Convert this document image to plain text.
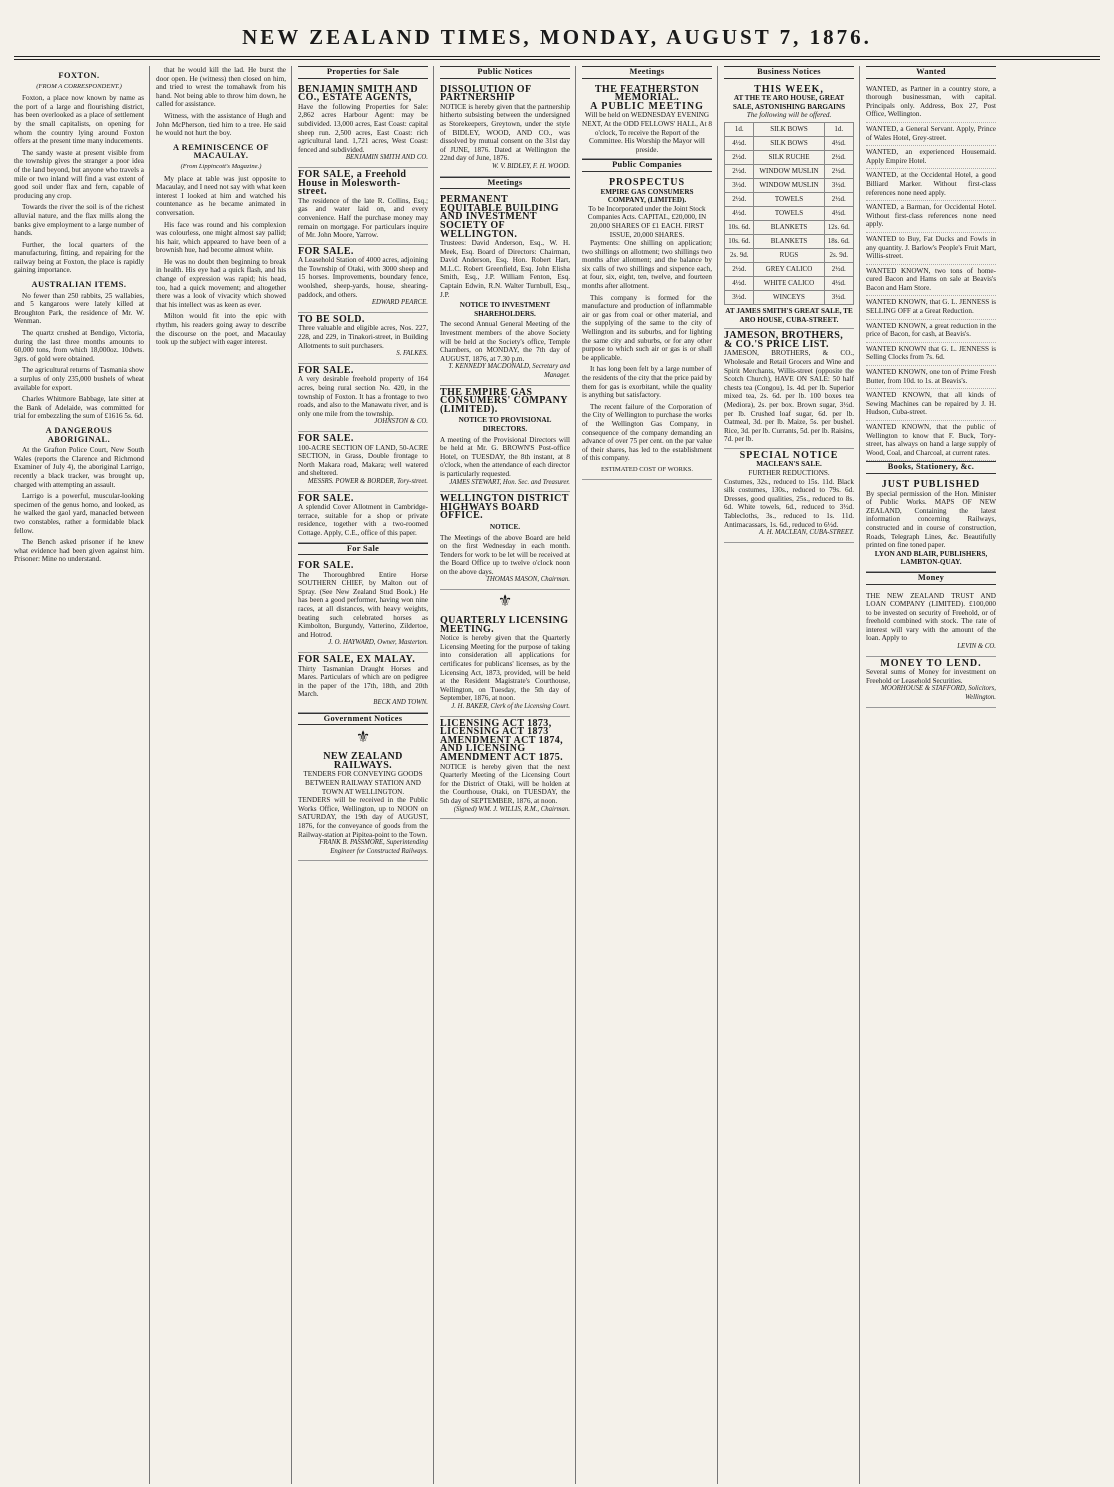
NEW ZEALAND TIMES, MONDAY, AUGUST 7, 1876.
FOXTON.
(FROM A CORRESPONDENT.)

Foxton, a place now known by name as the port of a large and flourishing district, has been overlooked as a place of settlement by the small capitalists, on opening for whom the country lying around Foxton offers at the present time many inducements.

The sandy waste at present visible from the township gives the stranger a poor idea of the land beyond, but anyone who travels a mile or two inland will find a vast extent of good soil under flax and fern, capable of producing any crop.

Towards the river the soil is of the richest alluvial nature, and the flax mills along the banks give employment to a large number of hands.

Further, the local quarters of the manufacturing, fitting, and repairing for the railway being at Foxton, the place is rapidly gaining importance.

AUSTRALIAN ITEMS.

No fewer than 250 rabbits, 25 wallabies, and 5 kangaroos were lately killed at Broughton Park, the residence of Mr. W. Wenman.

The quartz crushed at Bendigo, Victoria, during the last three months amounts to 60,000 tons, from which 18,000oz. 10dwts. 3grs. of gold were obtained.

The agricultural returns of Tasmania show a surplus of only 235,000 bushels of wheat available for export.

Charles Whitmore Babbage, late sitter at the Bank of Adelaide, was committed for trial for embezzling the sum of £1616 5s. 6d.

A DANGEROUS ABORIGINAL.

At the Grafton Police Court, New South Wales (reports the Clarence and Richmond Examiner of July 4), the aboriginal Larrigo, recently a black tracker, was brought up, charged with attempting an assault.

Larrigo is a powerful, muscular-looking specimen of the genus homo, and looked, as he walked the gaol yard, manacled between two constables, rather a formidable black fellow.

The Bench asked prisoner if he knew what evidence had been given against him. Prisoner: Mine no understand.

that he would kill the lad. He burst the door open. He (witness) then closed on him, and tried to wrest the tomahawk from his hand. Not being able to throw him down, he called for assistance.

Witness, with the assistance of Hugh and John McPherson, tied him to a tree. He said he would not hurt the boy.

A REMINISCENCE OF MACAULAY.
(From Lippincott's Magazine.)

My place at table was just opposite to Macaulay, and I need not say with what keen interest I looked at him and watched his countenance as he became animated in conversation.

His face was round and his complexion was colourless, one might almost say pallid; his hair, which appeared to have been of a brownish hue, had become almost white.

He was no doubt then beginning to break in health. His eye had a quick flash, and his change of expression was rapid; his head, too, had a quick movement; and altogether there was a look of vivacity which showed that his intellect was as keen as ever.

Milton would fit into the epic with rhythm, his readers going away to describe the discourse on the poet, and Macaulay took up the subject with eager interest.

Properties for Sale
BENJAMIN SMITH AND CO., ESTATE AGENTS,
Have the following Properties for Sale: 2,862 acres Harbour Agent: may be subdivided. 13,000 acres, East Coast: capital sheep run. 2,500 acres, East Coast: rich agricultural land. 1,721 acres, West Coast: fenced and subdivided.
BENJAMIN SMITH AND CO.
FOR SALE, a Freehold House in Molesworth-street.
The residence of the late R. Collins, Esq.; gas and water laid on, and every convenience. Half the purchase money may remain on mortgage. For particulars inquire of Mr. John Moore, Yarrow.
FOR SALE.
A Leasehold Station of 4000 acres, adjoining the Township of Otaki, with 3000 sheep and 15 horses. Improvements, boundary fence, woolshed, sheep-yards, house, shearing-paddock, and others.
EDWARD PEARCE.
TO BE SOLD.
Three valuable and eligible acres, Nos. 227, 228, and 229, in Tinakori-street, in Building Allotments to suit purchasers.
S. FALKES.
FOR SALE.
A very desirable freehold property of 164 acres, being rural section No. 420, in the township of Foxton. It has a frontage to two roads, and also to the Manawatu river, and is only one mile from the township.
JOHNSTON & CO.
FOR SALE.
100-ACRE SECTION OF LAND, 50-ACRE SECTION, in Grass, Double frontage to North Makara road, Makara; well watered and sheltered.
MESSRS. POWER & BORDER, Tory-street.
FOR SALE.
A splendid Cover Allotment in Cambridge-terrace, suitable for a shop or private residence, together with a two-roomed Cottage. Apply, C.E., office of this paper.
For Sale
FOR SALE.
The Thoroughbred Entire Horse SOUTHERN CHIEF, by Malton out of Spray. (See New Zealand Stud Book.) He has been a good performer, having won nine races, at all distances, with heavy weights, beating such celebrated horses as Kimbolton, Burgundy, Vatterino, Zildertoe, and Hotrod.
J. O. HAYWARD, Owner, Masterton.
FOR SALE, EX MALAY.
Thirty Tasmanian Draught Horses and Mares. Particulars of which are on pedigree in the paper of the 17th, 18th, and 20th March.
BECK AND TOWN.
Government Notices
⚜
NEW ZEALAND RAILWAYS.
TENDERS FOR CONVEYING GOODS BETWEEN RAILWAY STATION AND TOWN AT WELLINGTON.
TENDERS will be received in the Public Works Office, Wellington, up to NOON on SATURDAY, the 19th day of AUGUST, 1876, for the conveyance of goods from the Railway-station at Pipitea-point to the Town.
FRANK B. PASSMORE, Superintending Engineer for Constructed Railways.
Public Notices
DISSOLUTION OF PARTNERSHIP
NOTICE is hereby given that the partnership hitherto subsisting between the undersigned as Storekeepers, Greytown, under the style of BIDLEY, WOOD, AND CO., was dissolved by mutual consent on the 31st day of JUNE, 1876. Dated at Wellington the 22nd day of June, 1876.
W. V. BIDLEY, F. H. WOOD.
Meetings
PERMANENT EQUITABLE BUILDING AND INVESTMENT SOCIETY OF WELLINGTON.
Trustees: David Anderson, Esq., W. H. Meek, Esq. Board of Directors: Chairman, David Anderson, Esq. Hon. Robert Hart, M.L.C. Robert Greenfield, Esq. John Elisha Smith, Esq., J.P. William Fenton, Esq. Captain Edwin, R.N. Walter Turnbull, Esq., J.P.
NOTICE TO INVESTMENT SHAREHOLDERS.
The second Annual General Meeting of the Investment members of the above Society will be held at the Society's office, Temple Chambers, on MONDAY, the 7th day of AUGUST, 1876, at 7.30 p.m.
T. KENNEDY MACDONALD, Secretary and Manager.
THE EMPIRE GAS CONSUMERS' COMPANY (LIMITED).
NOTICE TO PROVISIONAL DIRECTORS.
A meeting of the Provisional Directors will be held at Mr. G. BROWN'S Post-office Hotel, on TUESDAY, the 8th instant, at 8 o'clock, when the attendance of each director is particularly requested.
JAMES STEWART, Hon. Sec. and Treasurer.
WELLINGTON DISTRICT HIGHWAYS BOARD OFFICE.
NOTICE.
The Meetings of the above Board are held on the first Wednesday in each month. Tenders for work to be let will be received at the Board Office up to twelve o'clock noon on the above days.
THOMAS MASON, Chairman.
⚜
QUARTERLY LICENSING MEETING.
Notice is hereby given that the Quarterly Licensing Meeting for the purpose of taking into consideration all applications for certificates for publicans' licenses, as by the Licensing Act, 1873, provided, will be held at the Resident Magistrate's Courthouse, Wellington, on Tuesday, the 5th day of September, 1876, at noon.
J. H. BAKER, Clerk of the Licensing Court.
LICENSING ACT 1873, LICENSING ACT 1873 AMENDMENT ACT 1874, AND LICENSING AMENDMENT ACT 1875.
NOTICE is hereby given that the next Quarterly Meeting of the Licensing Court for the District of Otaki, will be holden at the Courthouse, Otaki, on TUESDAY, the 5th day of SEPTEMBER, 1876, at noon.
(Signed) WM. J. WILLIS, R.M., Chairman.
Meetings
THE FEATHERSTON MEMORIAL.
A PUBLIC MEETING
Will be held on WEDNESDAY EVENING NEXT, At the ODD FELLOWS' HALL, At 8 o'clock, To receive the Report of the Committee. His Worship the Mayor will preside.
Public Companies
PROSPECTUS
EMPIRE GAS CONSUMERS COMPANY, (LIMITED).
To be Incorporated under the Joint Stock Companies Acts. CAPITAL, £20,000, IN 20,000 SHARES OF £1 EACH. FIRST ISSUE, 20,000 SHARES.

Payments: One shilling on application; two shillings on allotment; two shillings two months after allotment; and the balance by six calls of two shillings and sixpence each, at four, six, eight, ten, twelve, and fourteen months after allotment.

This company is formed for the manufacture and production of inflammable air or gas from coal or other material, and the supplying of the same to the city of Wellington and its suburbs, and for lighting the same city and suburbs, or for any other purpose to which such air or gas is or shall be applicable.

It has long been felt by a large number of the residents of the city that the price paid by them for gas is exorbitant, while the quality is anything but satisfactory.

The recent failure of the Corporation of the City of Wellington to purchase the works of the Wellington Gas Company, in consequence of the company demanding an advance of over 75 per cent. on the par value of their shares, has led to the establishment of this company.

ESTIMATED COST OF WORKS.
Business Notices
THIS WEEK,
AT THE TE ARO HOUSE, GREAT SALE, ASTONISHING BARGAINS
The following will be offered.
1d.	SILK BOWS	1d.
4½d.	SILK BOWS	4½d.
2½d.	SILK RUCHE	2½d.
2½d.	WINDOW MUSLIN	2½d.
3½d.	WINDOW MUSLIN	3½d.
2½d.	TOWELS	2½d.
4½d.	TOWELS	4½d.
10s. 6d.	BLANKETS	12s. 6d.
10s. 6d.	BLANKETS	18s. 6d.
2s. 9d.	RUGS	2s. 9d.
2½d.	GREY CALICO	2½d.
4½d.	WHITE CALICO	4½d.
3½d.	WINCEYS	3½d.
AT JAMES SMITH'S GREAT SALE, TE ARO HOUSE, CUBA-STREET.
JAMESON, BROTHERS, & CO.'S PRICE LIST.
JAMESON, BROTHERS, & CO., Wholesale and Retail Grocers and Wine and Spirit Merchants, Willis-street (opposite the Scotch Church), HAVE ON SALE: 50 half chests tea (Congou), 1s. 4d. per lb. Superior mixed tea, 2s. 6d. per lb. 100 boxes tea (Mediora), 2s. per box. Brown sugar, 3½d. per lb. Crushed loaf sugar, 6d. per lb. Oatmeal, 3d. per lb. Maize, 5s. per bushel. Rice, 3d. per lb. Currants, 5d. per lb. Raisins, 7d. per lb.
SPECIAL NOTICE
MACLEAN'S SALE.
FURTHER REDUCTIONS.
Costumes, 32s., reduced to 15s. 11d. Black silk costumes, 130s., reduced to 79s. 6d. Dresses, good qualities, 25s., reduced to 8s. 6d. White towels, 6d., reduced to 3½d. Tablecloths, 3s., reduced to 1s. 11d. Antimacassars, 1s. 6d., reduced to 6½d.
A. H. MACLEAN, CUBA-STREET.
Wanted
WANTED, as Partner in a country store, a thorough businessman, with capital. Principals only. Address, Box 27, Post Office, Wellington.
WANTED, a General Servant. Apply, Prince of Wales Hotel, Grey-street.
WANTED, an experienced Housemaid. Apply Empire Hotel.
WANTED, at the Occidental Hotel, a good Billiard Marker. Without first-class references none need apply.
WANTED, a Barman, for Occidental Hotel. Without first-class references none need apply.
WANTED to Buy, Fat Ducks and Fowls in any quantity. J. Barlow's People's Fruit Mart, Willis-street.
WANTED KNOWN, two tons of home-cured Bacon and Hams on sale at Beavis's Bacon and Ham Store.
WANTED KNOWN, that G. L. JENNESS is SELLING OFF at a Great Reduction.
WANTED KNOWN, a great reduction in the price of Bacon, for cash, at Beavis's.
WANTED KNOWN that G. L. JENNESS is Selling Clocks from 7s. 6d.
WANTED KNOWN, one ton of Prime Fresh Butter, from 10d. to 1s. at Beavis's.
WANTED KNOWN, that all kinds of Sewing Machines can be repaired by J. H. Hudson, Cuba-street.
WANTED KNOWN, that the public of Wellington to know that F. Buck, Tory-street, has always on hand a large supply of Wood, Coal, and Charcoal, at current rates.
Books, Stationery, &c.
JUST PUBLISHED
By special permission of the Hon. Minister of Public Works. MAPS OF NEW ZEALAND, Containing the latest information concerning Railways, constructed and in course of construction, Roads, Telegraph Lines, &c. Beautifully printed on fine toned paper.
LYON AND BLAIR, PUBLISHERS, LAMBTON-QUAY.
Money
THE NEW ZEALAND TRUST AND LOAN COMPANY (LIMITED). £100,000 to be invested on security of Freehold, or of freehold combined with stock. The rate of interest will vary with the amount of the loan. Apply to
LEVIN & CO.
MONEY TO LEND.
Several sums of Money for investment on Freehold or Leasehold Securities.
MOORHOUSE & STAFFORD, Solicitors, Wellington.
